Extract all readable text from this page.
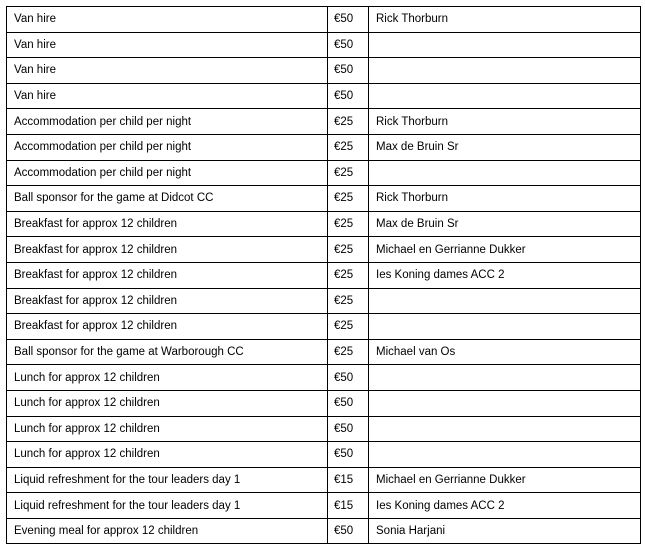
Van hire	€50	Rick Thorburn
Van hire	€50	
Van hire	€50	
Van hire	€50	
Accommodation per child per night	€25	Rick Thorburn
Accommodation per child per night	€25	Max de Bruin Sr
Accommodation per child per night	€25	
Ball sponsor for the game at Didcot CC	€25	Rick Thorburn
Breakfast for approx 12 children	€25	Max de Bruin Sr
Breakfast for approx 12 children	€25	Michael en Gerrianne Dukker
Breakfast for approx 12 children	€25	Ies Koning dames ACC 2
Breakfast for approx 12 children	€25	
Breakfast for approx 12 children	€25	
Ball sponsor for the game at Warborough CC	€25	Michael van Os
Lunch for approx 12 children	€50	
Lunch for approx 12 children	€50	
Lunch for approx 12 children	€50	
Lunch for approx 12 children	€50	
Liquid refreshment for the tour leaders day 1	€15	Michael en Gerrianne Dukker
Liquid refreshment for the tour leaders day 1	€15	Ies Koning dames ACC 2
Evening meal for approx 12 children	€50	Sonia Harjani
